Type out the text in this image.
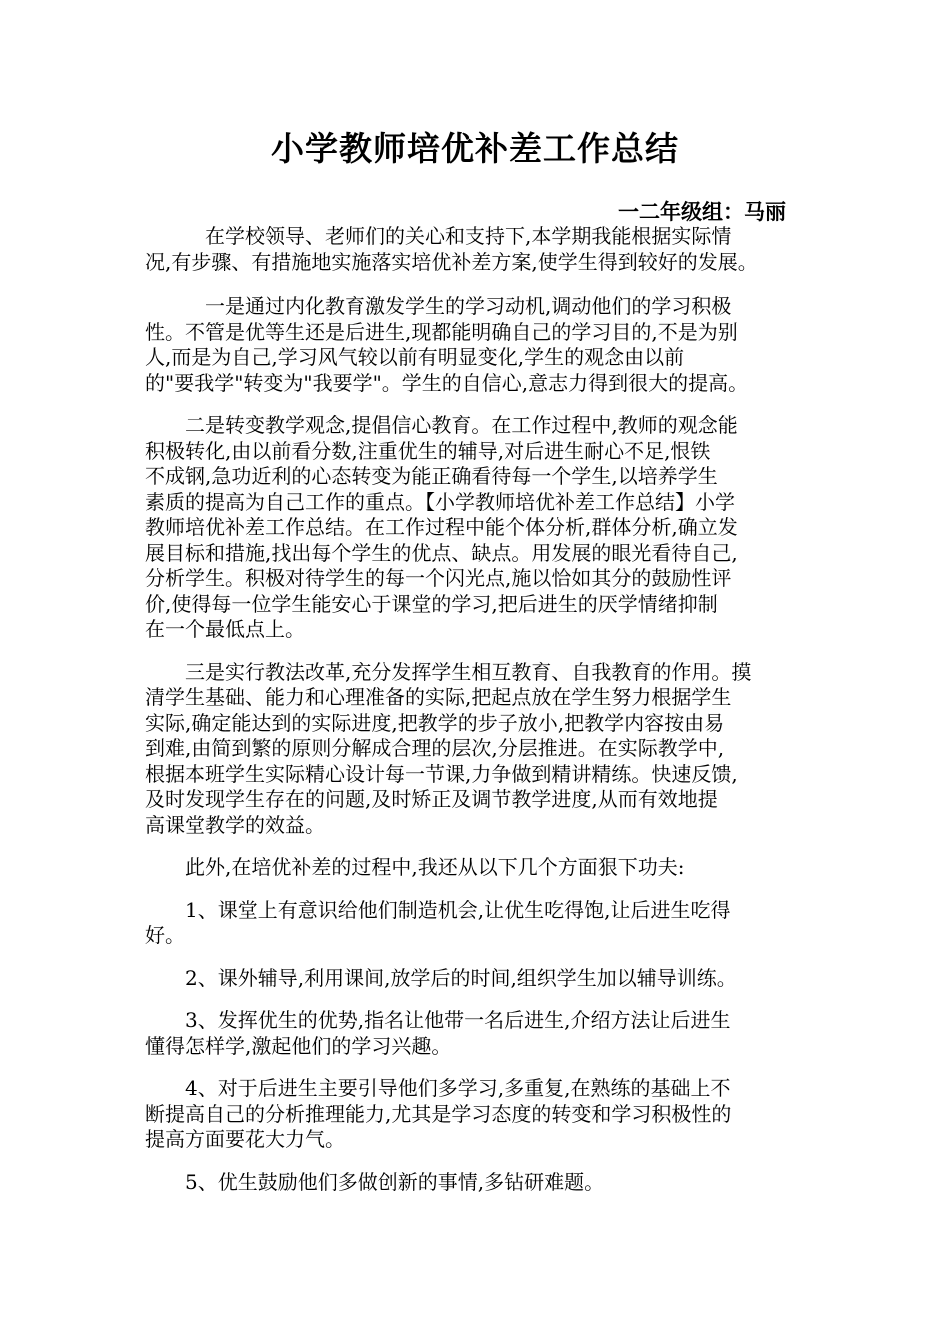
小学教师培优补差工作总结
一二年级组：马丽
在学校领导、老师们的关心和支持下,本学期我能根据实际情
况,有步骤、有措施地实施落实培优补差方案,使学生得到较好的发展。
一是通过内化教育激发学生的学习动机,调动他们的学习积极
性。不管是优等生还是后进生,现都能明确自己的学习目的,不是为别
人,而是为自己,学习风气较以前有明显变化,学生的观念由以前
的"要我学"转变为"我要学"。学生的自信心,意志力得到很大的提高。
二是转变教学观念,提倡信心教育。在工作过程中,教师的观念能
积极转化,由以前看分数,注重优生的辅导,对后进生耐心不足,恨铁
不成钢,急功近利的心态转变为能正确看待每一个学生,以培养学生
素质的提高为自己工作的重点。【小学教师培优补差工作总结】小学
教师培优补差工作总结。在工作过程中能个体分析,群体分析,确立发
展目标和措施,找出每个学生的优点、缺点。用发展的眼光看待自己,
分析学生。积极对待学生的每一个闪光点,施以恰如其分的鼓励性评
价,使得每一位学生能安心于课堂的学习,把后进生的厌学情绪抑制
在一个最低点上。
三是实行教法改革,充分发挥学生相互教育、自我教育的作用。摸
清学生基础、能力和心理准备的实际,把起点放在学生努力根据学生
实际,确定能达到的实际进度,把教学的步子放小,把教学内容按由易
到难,由简到繁的原则分解成合理的层次,分层推进。在实际教学中,
根据本班学生实际精心设计每一节课,力争做到精讲精练。快速反馈,
及时发现学生存在的问题,及时矫正及调节教学进度,从而有效地提
高课堂教学的效益。
此外,在培优补差的过程中,我还从以下几个方面狠下功夫:
1、课堂上有意识给他们制造机会,让优生吃得饱,让后进生吃得
好。
2、课外辅导,利用课间,放学后的时间,组织学生加以辅导训练。
3、发挥优生的优势,指名让他带一名后进生,介绍方法让后进生
懂得怎样学,激起他们的学习兴趣。
4、对于后进生主要引导他们多学习,多重复,在熟练的基础上不
断提高自己的分析推理能力,尤其是学习态度的转变和学习积极性的
提高方面要花大力气。
5、优生鼓励他们多做创新的事情,多钻研难题。
